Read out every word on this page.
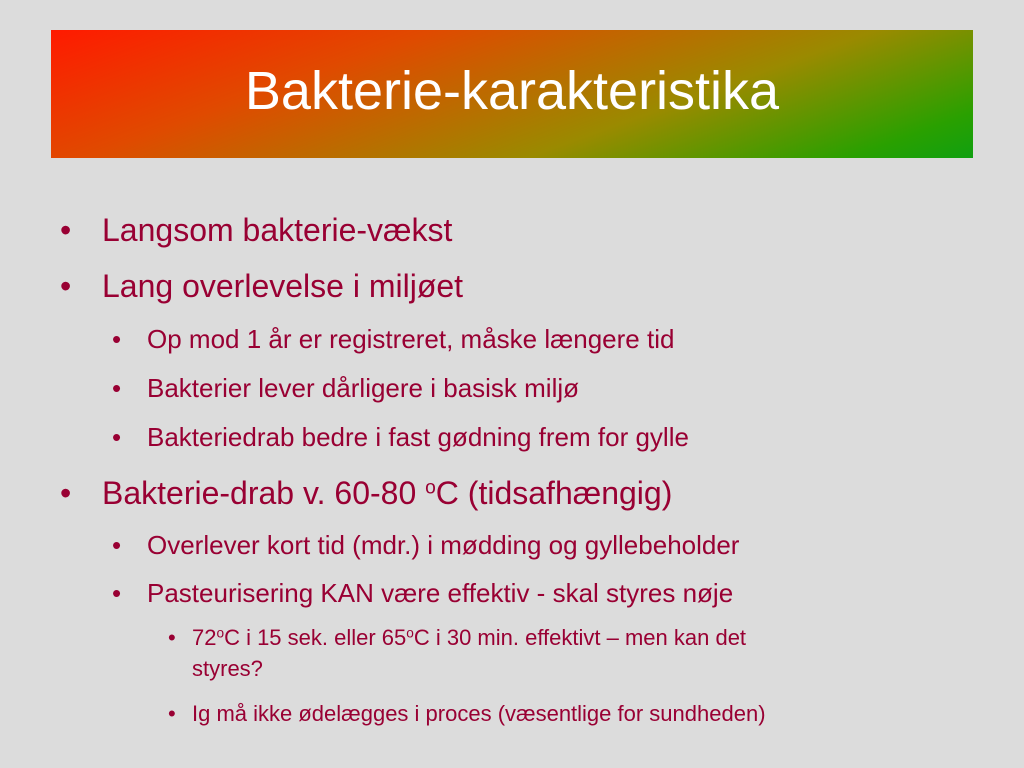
Bakterie-karakteristika
• Langsom bakterie-vækst
• Lang overlevelse i miljøet
• Op mod 1 år er registreret, måske længere tid
• Bakterier lever dårligere i basisk miljø
• Bakteriedrab bedre i fast gødning frem for gylle
• Bakterie-drab v. 60-80 $^o$C (tidsafhængig)
• Overlever kort tid (mdr.) i mødding og gyllebeholder
• Pasteurisering KAN være effektiv - skal styres nøje
• 72$^o$C i 15 sek. eller 65$^o$C i 30 min. effektivt – men kan det
styres?
• Ig må ikke ødelægges i proces (væsentlige for sundheden)
